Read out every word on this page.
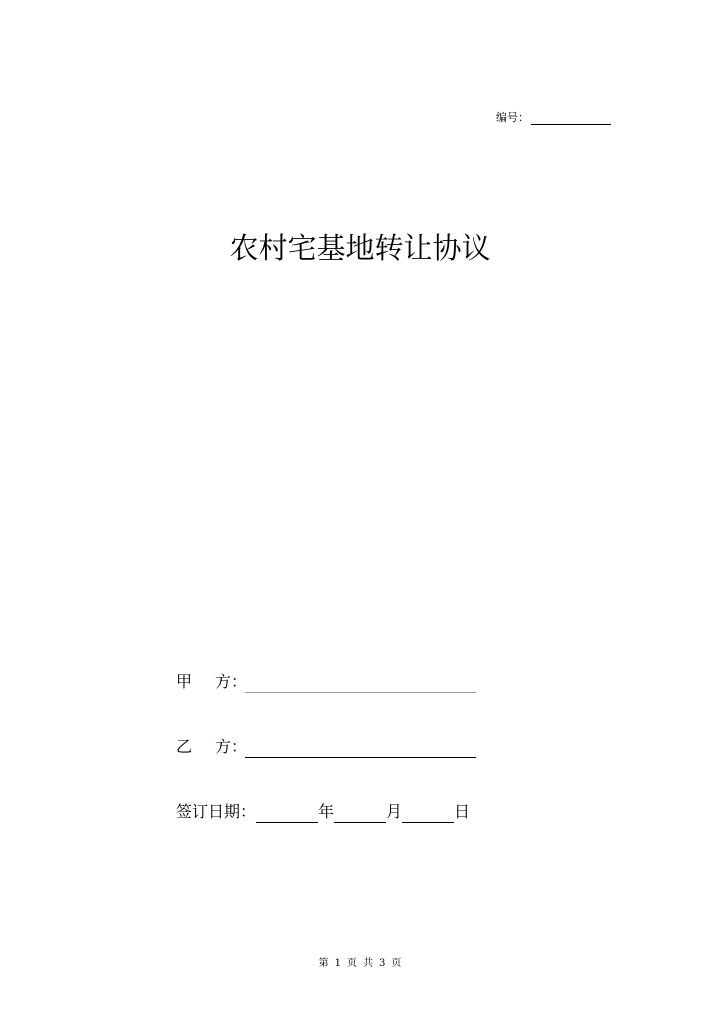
编号：
农村宅基地转让协议
甲 方 ：
乙 方 ：
签订日期：	年	月	日
第 1 页 共 3 页
